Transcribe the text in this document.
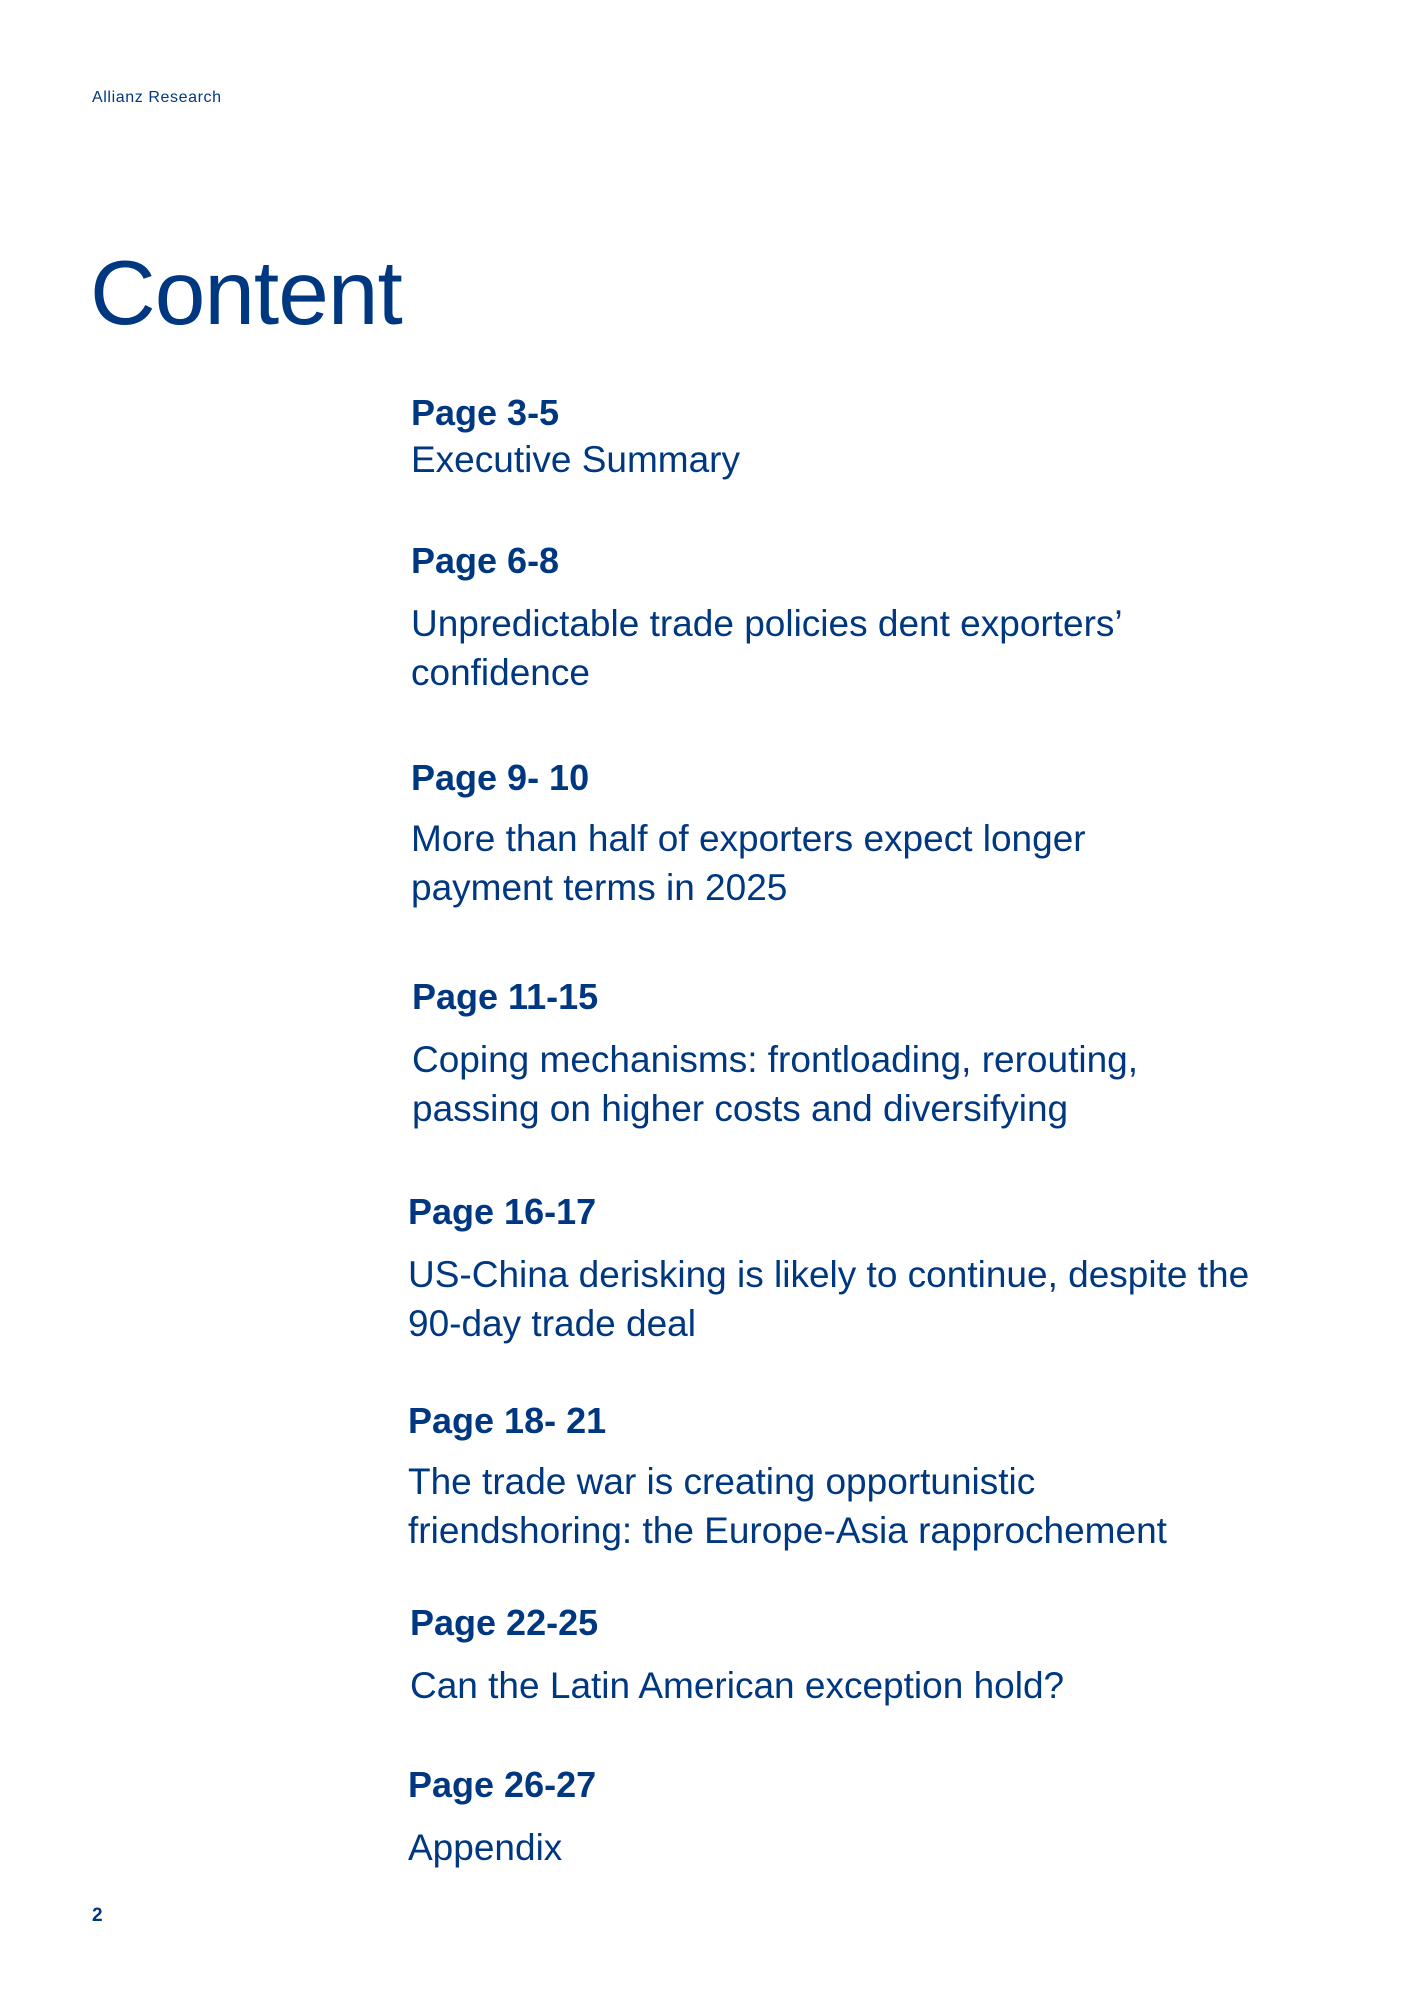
Allianz Research
Content
Page 3-5
Executive Summary
Page 6-8
Unpredictable trade policies dent exporters’
confidence
Page 9- 10
More than half of exporters expect longer
payment terms in 2025
Page 11-15
Coping mechanisms: frontloading, rerouting,
passing on higher costs and diversifying
Page 16-17
US-China derisking is likely to continue, despite the
90-day trade deal
Page 18- 21
The trade war is creating opportunistic
friendshoring: the Europe-Asia rapprochement
Page 22-25
Can the Latin American exception hold?
Page 26-27
Appendix
2
